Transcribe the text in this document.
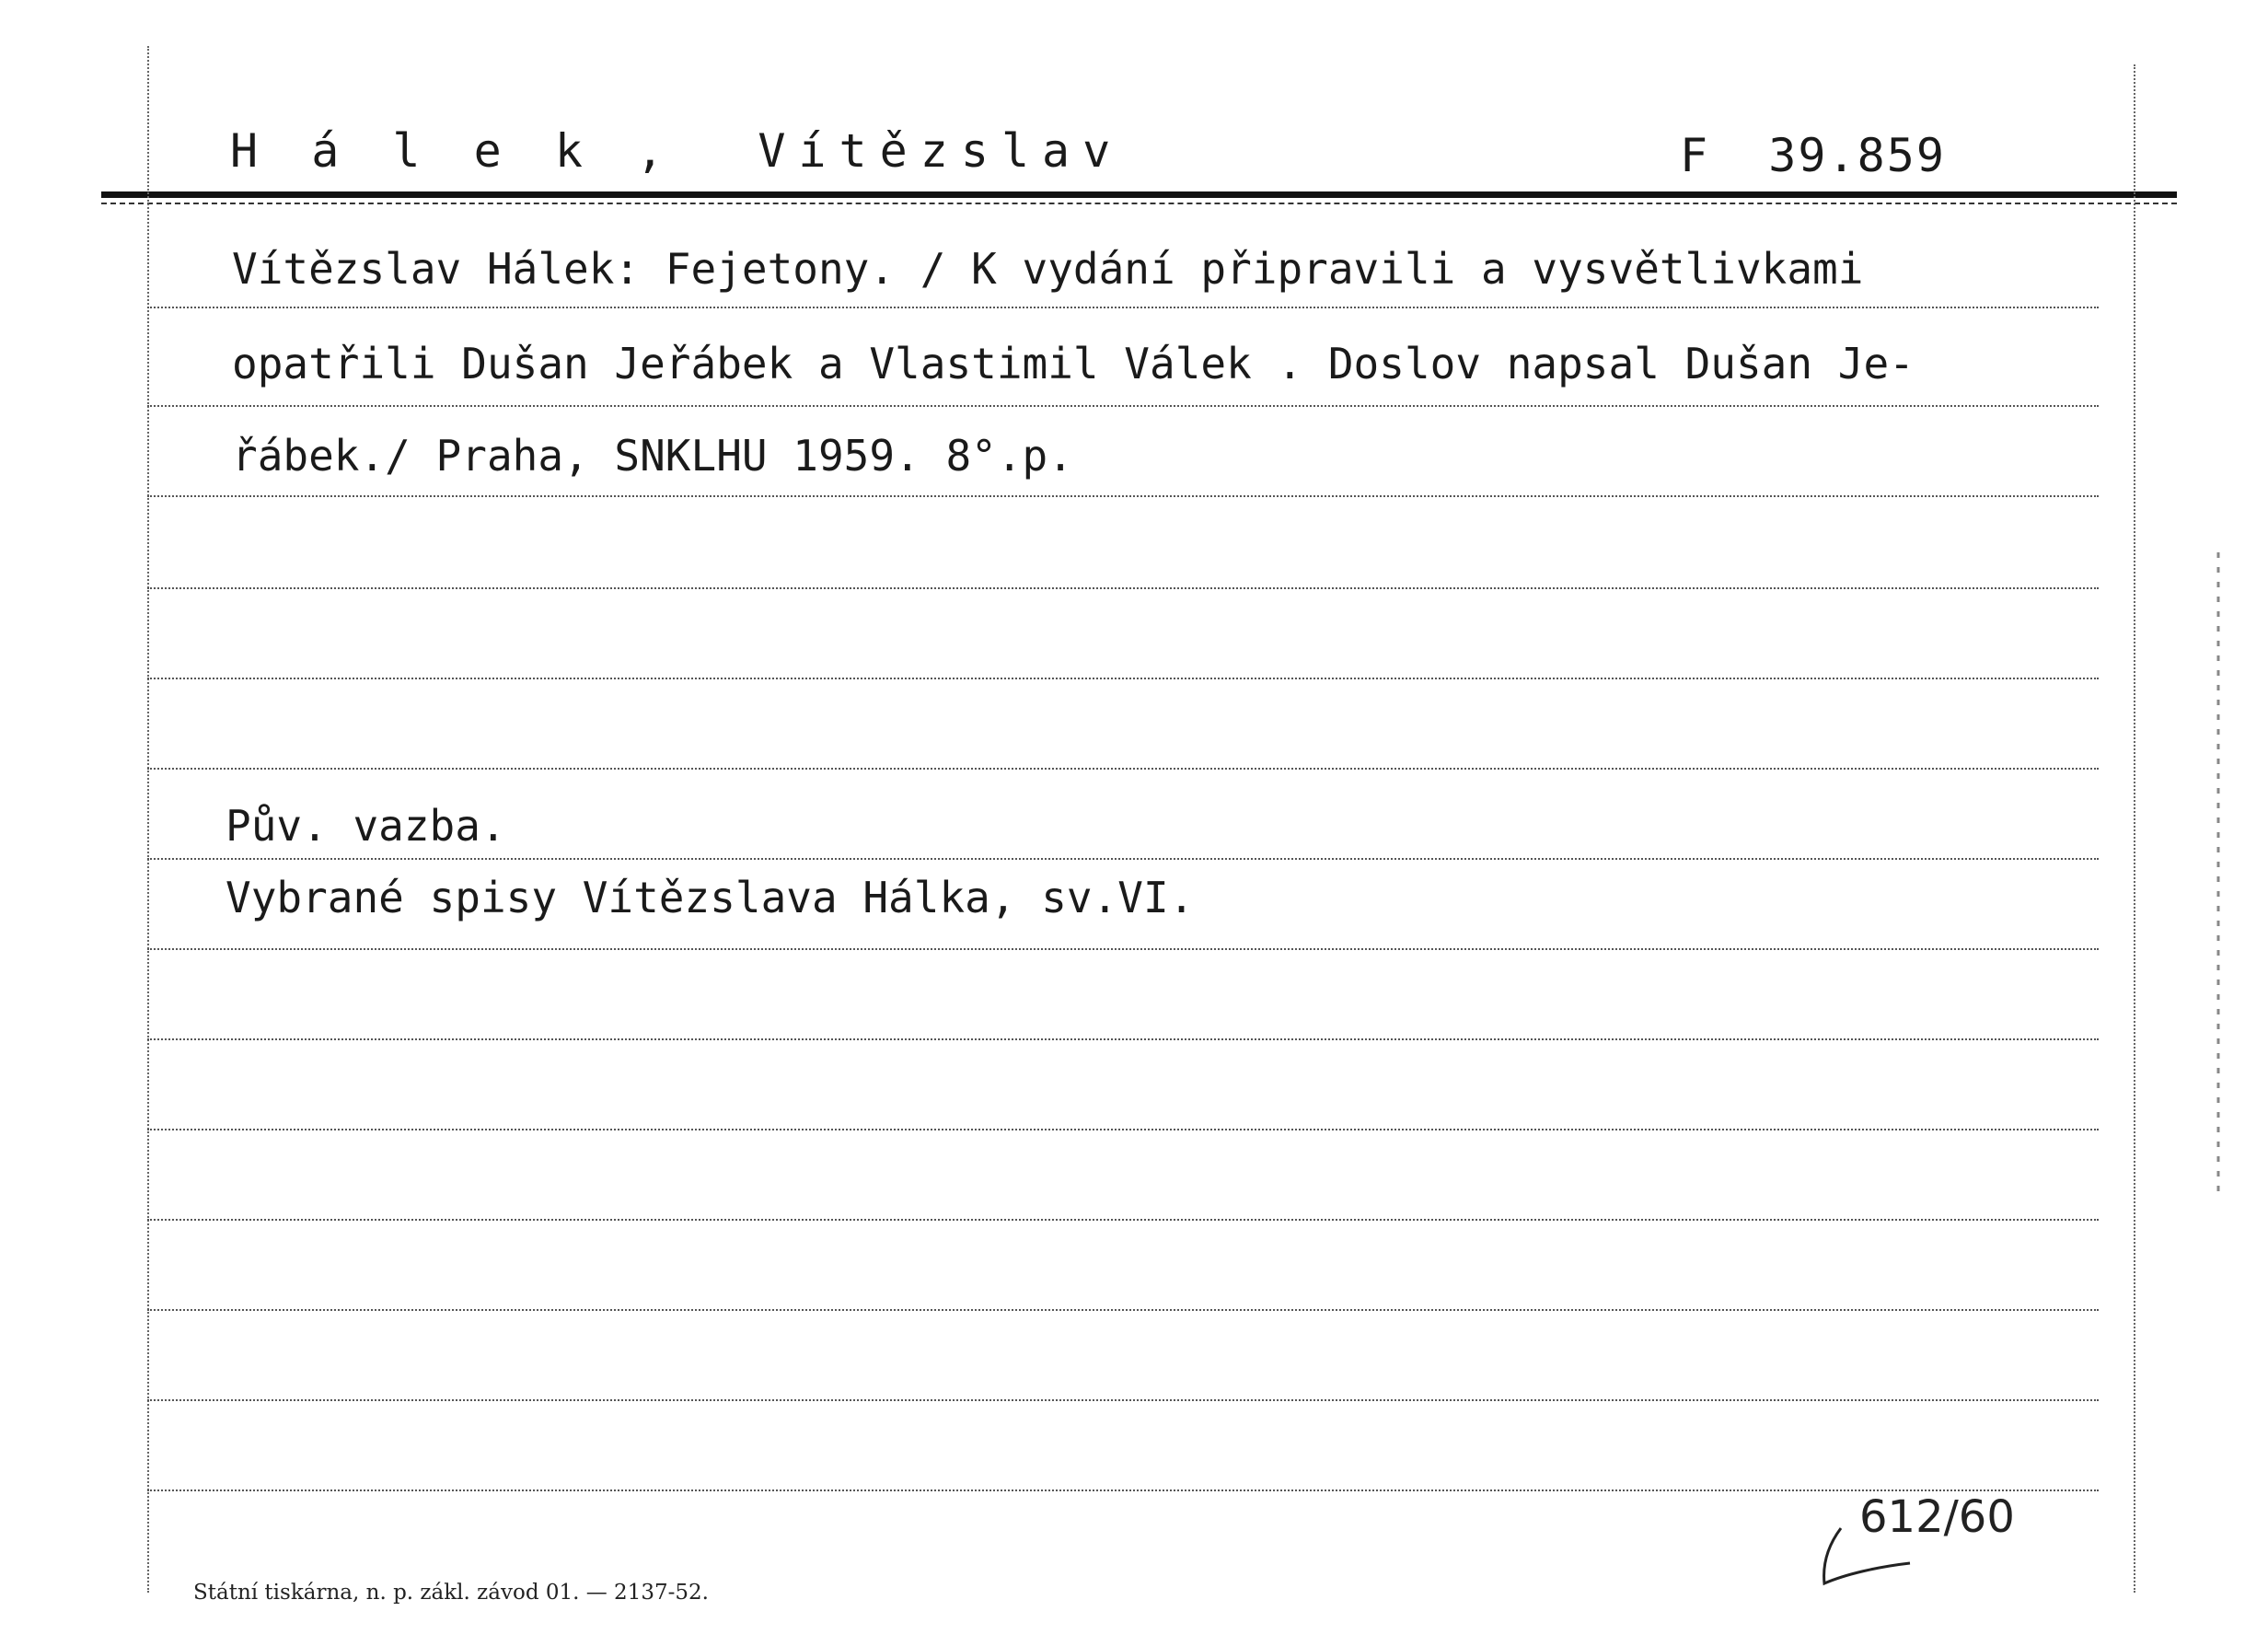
H á l e k ,  Vítězslav	F  39.859
Vítězslav Hálek: Fejetony. / K vydání připravili a vysvětlivkami
opatřili Dušan Jeřábek a Vlastimil Válek . Doslov napsal Dušan Je-
řábek./ Praha, SNKLHU 1959. 8°.p.
Pův. vazba.
Vybrané spisy Vítězslava Hálka, sv.VI.
612/60
Státní tiskárna, n. p. zákl. závod 01. — 2137-52.
